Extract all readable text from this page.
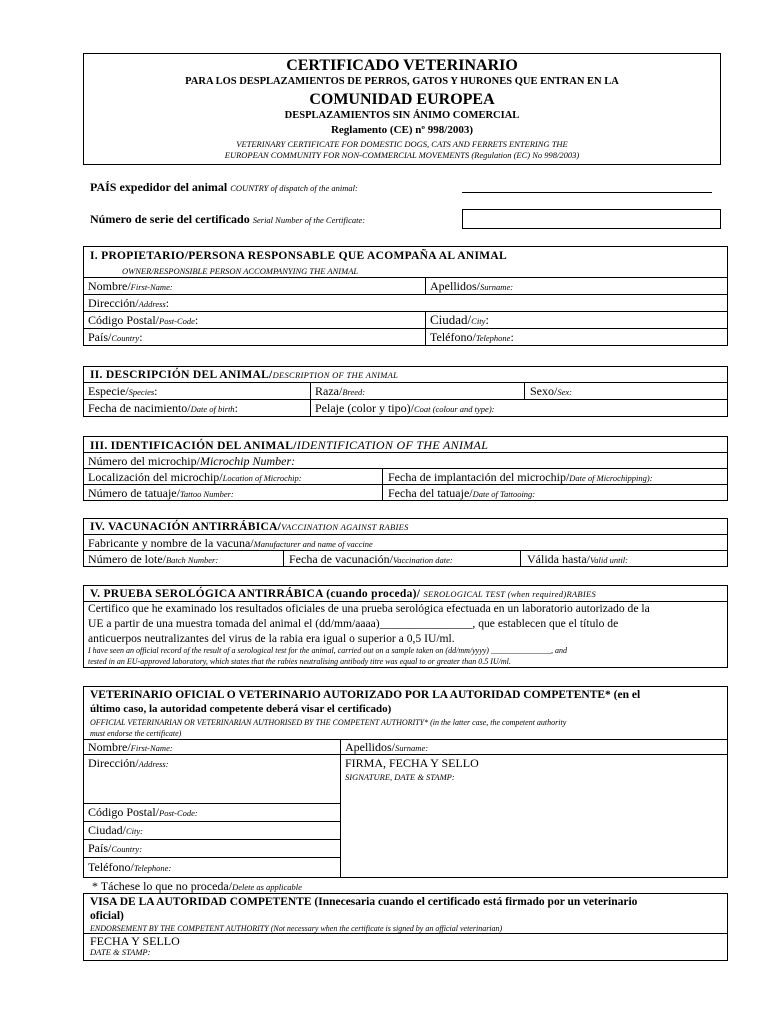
CERTIFICADO VETERINARIO
PARA LOS DESPLAZAMIENTOS DE PERROS, GATOS Y HURONES QUE ENTRAN EN LA
COMUNIDAD EUROPEA
DESPLAZAMIENTOS SIN ÁNIMO COMERCIAL
Reglamento (CE) nº 998/2003)
VETERINARY CERTIFICATE FOR DOMESTIC DOGS, CATS AND FERRETS ENTERING THE
EUROPEAN COMMUNITY FOR NON-COMMERCIAL MOVEMENTS (Regulation (EC) No 998/2003)
PAÍS expedidor del animal COUNTRY of dispatch of the animal:
Número de serie del certificado Serial Number of the Certificate:
I. PROPIETARIO/PERSONA RESPONSABLE QUE ACOMPAÑA AL ANIMAL
OWNER/RESPONSIBLE PERSON ACCOMPANYING THE ANIMAL
Nombre/First-Name:	Apellidos/Surname:
Dirección/Address:
Código Postal/Post-Code:	Ciudad/City:
País/Country:	Teléfono/Telephone:
II. DESCRIPCIÓN DEL ANIMAL/DESCRIPTION OF THE ANIMAL
Especie/Species:	Raza/Breed:	Sexo/Sex:
Fecha de nacimiento/Date of birth:	Pelaje (color y tipo)/Coat (colour and type):
III. IDENTIFICACIÓN DEL ANIMAL/IDENTIFICATION OF THE ANIMAL
Número del microchip/Microchip Number:
Localización del microchip/Location of Microchip:	Fecha de implantación del microchip/Date of Microchipping):
Número de tatuaje/Tattoo Number:	Fecha del tatuaje/Date of Tattooing:
IV. VACUNACIÓN ANTIRRÁBICA/VACCINATION AGAINST RABIES
Fabricante y nombre de la vacuna/Manufacturer and name of vaccine
Número de lote/Batch Number:	Fecha de vacunación/Vaccination date:	Válida hasta/Valid until:
V. PRUEBA SEROLÓGICA ANTIRRÁBICA (cuando proceda)/ SEROLOGICAL TEST (when required)RABIES
Certifico que he examinado los resultados oficiales de una prueba serológica efectuada en un laboratorio autorizado de la
UE a partir de una muestra tomada del animal el (dd/mm/aaaa)________________, que establecen que el título de
anticuerpos neutralizantes del virus de la rabia era igual o superior a 0,5 IU/ml.
I have seen an official record of the result of a serological test for the animal, carried out on a sample taken on (dd/mm/yyyy) _______________, and
tested in an EU-approved laboratory, which states that the rabies neutralising antibody titre was equal to or greater than 0.5 IU/ml.
VETERINARIO OFICIAL O VETERINARIO AUTORIZADO POR LA AUTORIDAD COMPETENTE* (en el
último caso, la autoridad competente deberá visar el certificado)
OFFICIAL VETERINARIAN OR VETERINARIAN AUTHORISED BY THE COMPETENT AUTHORITY* (in the latter case, the competent authority
must endorse the certificate)
Nombre/First-Name:	Apellidos/Surname:
Dirección/Address:	FIRMA, FECHA Y SELLO
SIGNATURE, DATE & STAMP:
Código Postal/Post-Code:
Ciudad/City:
País/Country:
Teléfono/Telephone:
* Táchese lo que no proceda/Delete as applicable
VISA DE LA AUTORIDAD COMPETENTE (Innecesaria cuando el certificado está firmado por un veterinario
oficial)
ENDORSEMENT BY THE COMPETENT AUTHORITY (Not necessary when the certificate is signed by an official veterinarian)
FECHA Y SELLO
DATE & STAMP:
